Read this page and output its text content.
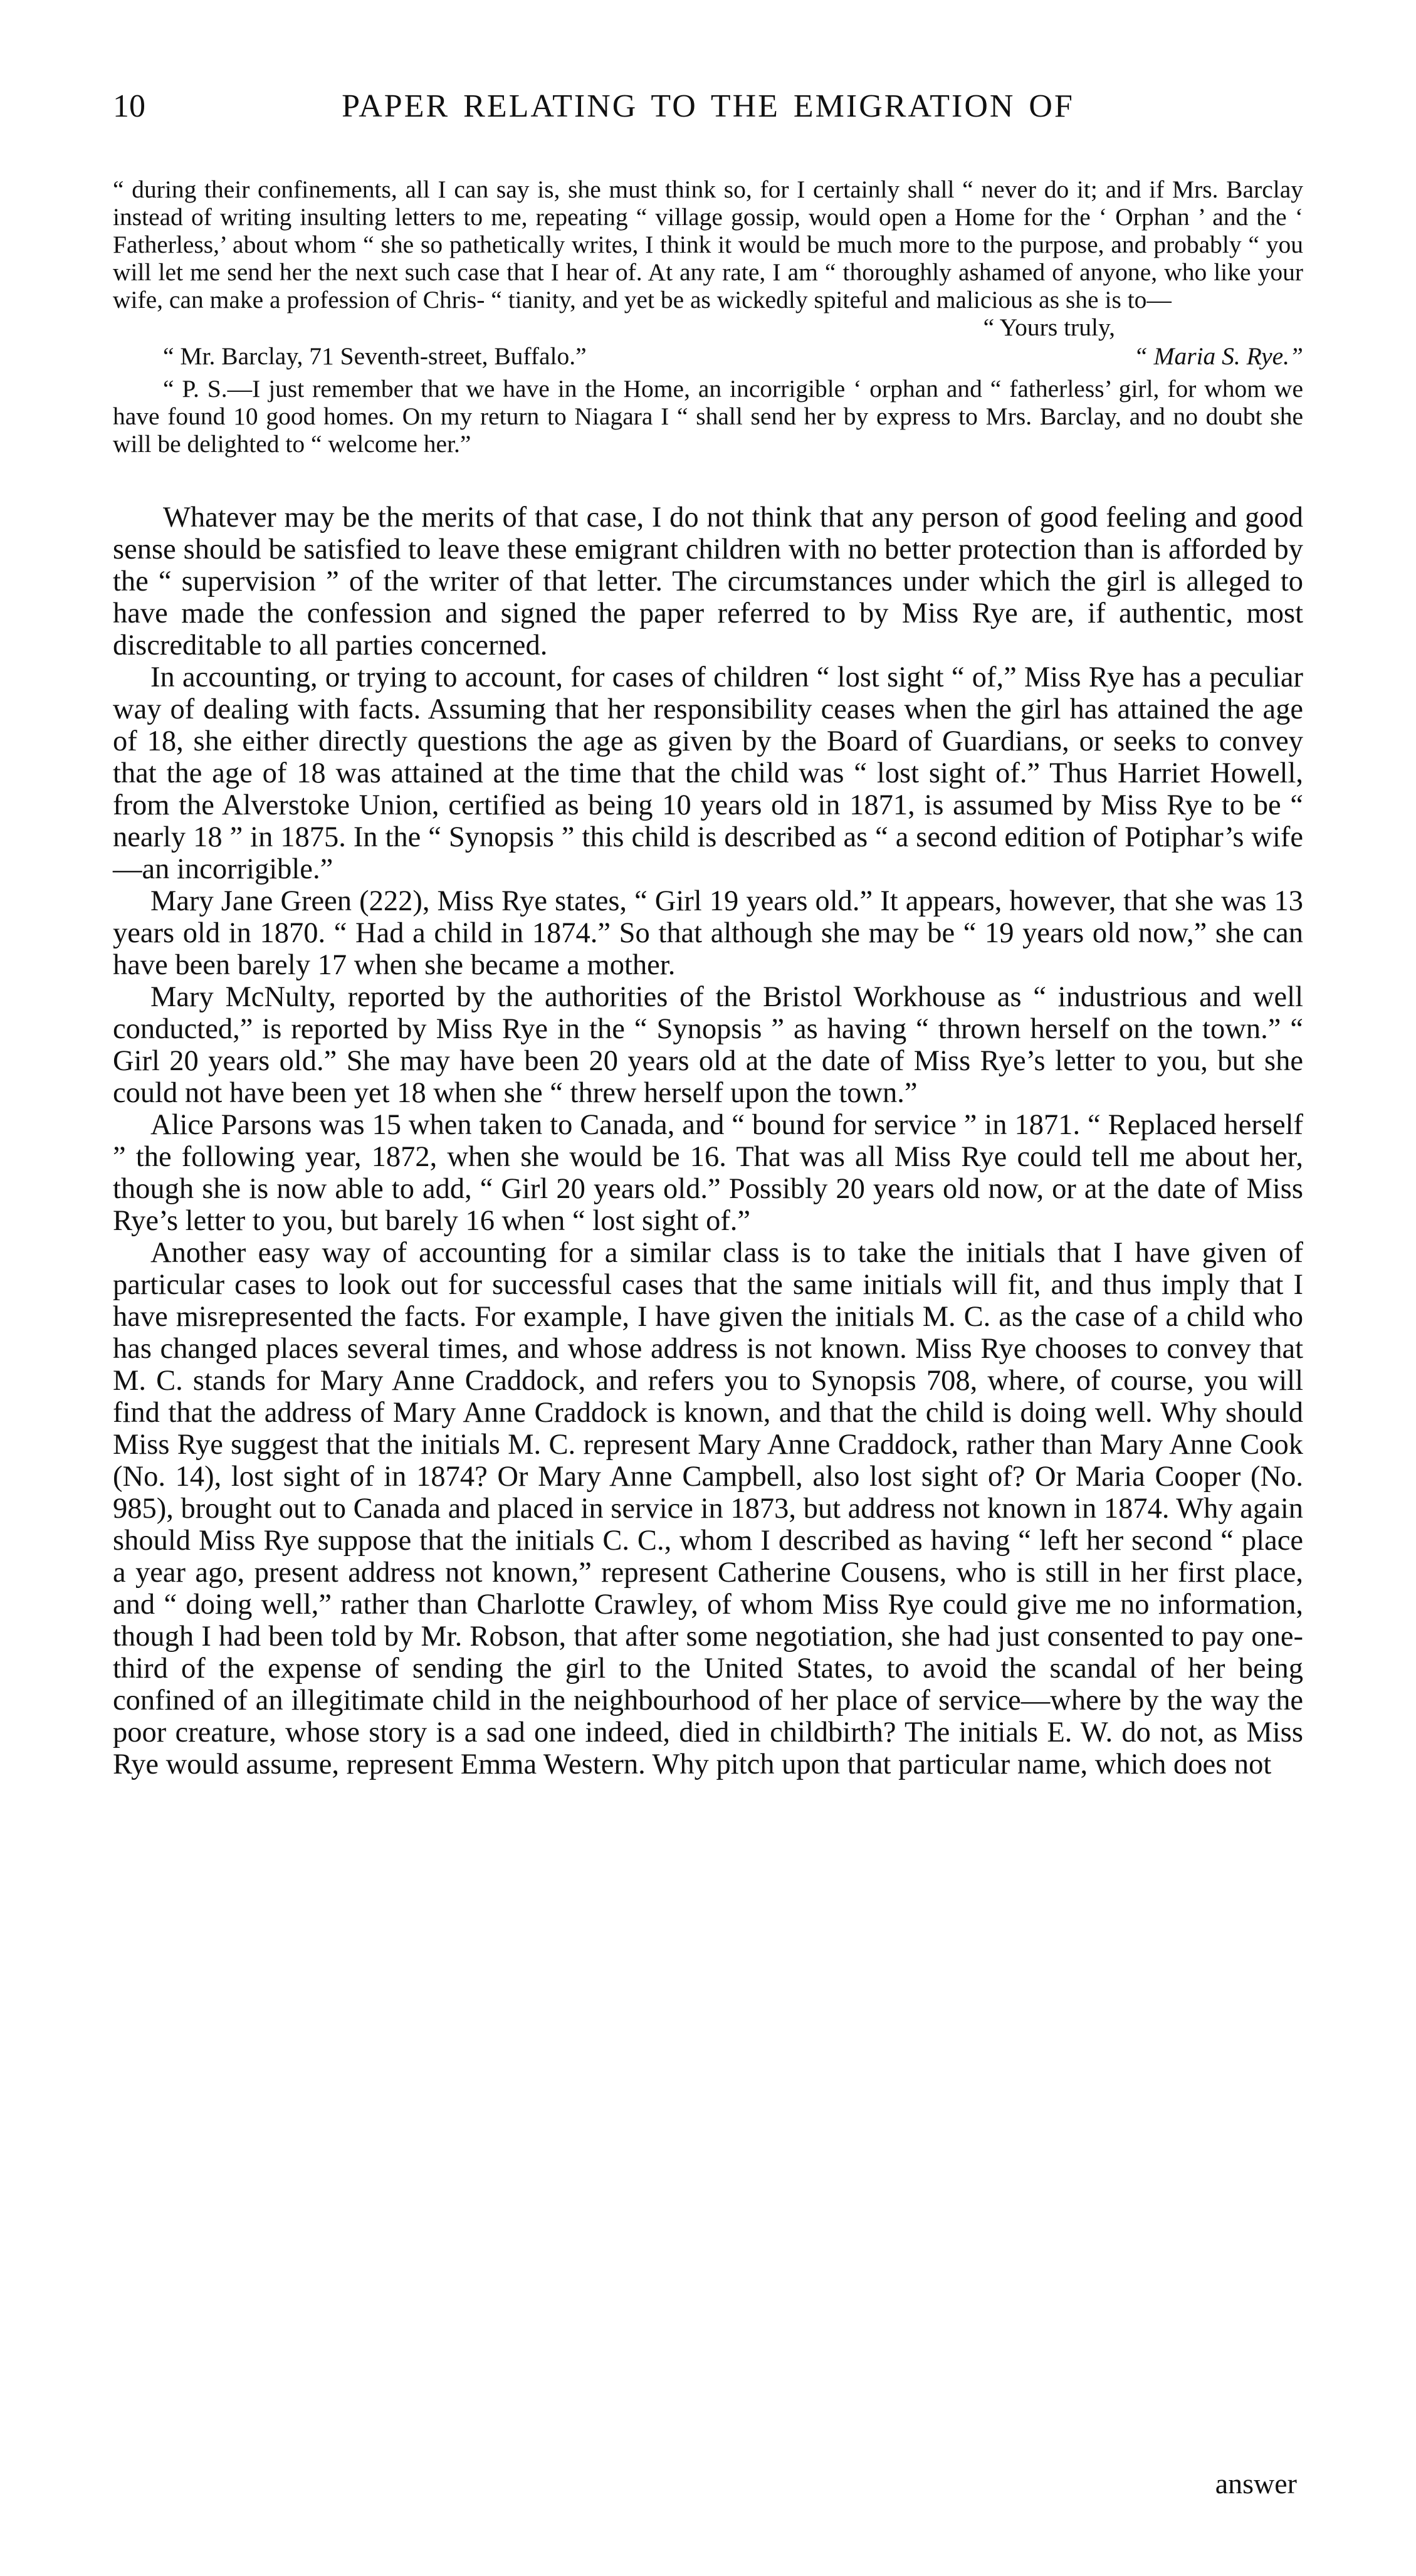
10	PAPER RELATING TO THE EMIGRATION OF

“ during their confinements, all I can say is, she must think so, for I certainly shall “ never do it; and if Mrs. Barclay instead of writing insulting letters to me, repeating “ village gossip, would open a Home for the ‘ Orphan ’ and the ‘ Fatherless,’ about whom “ she so pathetically writes, I think it would be much more to the purpose, and probably “ you will let me send her the next such case that I hear of. At any rate, I am “ thoroughly ashamed of anyone, who like your wife, can make a profession of Chris- “ tianity, and yet be as wickedly spiteful and malicious as she is to—

“ Yours truly,
“ Mr. Barclay, 71 Seventh-street, Buffalo.”	“ Maria S. Rye.”

“ P. S.—I just remember that we have in the Home, an incorrigible ‘ orphan and “ fatherless’ girl, for whom we have found 10 good homes. On my return to Niagara I “ shall send her by express to Mrs. Barclay, and no doubt she will be delighted to “ welcome her.”

Whatever may be the merits of that case, I do not think that any person of good feeling and good sense should be satisfied to leave these emigrant children with no better protection than is afforded by the “ supervision ” of the writer of that letter. The circumstances under which the girl is alleged to have made the confession and signed the paper referred to by Miss Rye are, if authentic, most discreditable to all parties concerned.

In accounting, or trying to account, for cases of children “ lost sight “ of,” Miss Rye has a peculiar way of dealing with facts. Assuming that her responsibility ceases when the girl has attained the age of 18, she either directly questions the age as given by the Board of Guardians, or seeks to convey that the age of 18 was attained at the time that the child was “ lost sight of.” Thus Harriet Howell, from the Alverstoke Union, certified as being 10 years old in 1871, is assumed by Miss Rye to be “ nearly 18 ” in 1875. In the “ Synopsis ” this child is described as “ a second edition of Potiphar’s wife—an incorrigible.”

Mary Jane Green (222), Miss Rye states, “ Girl 19 years old.” It appears, however, that she was 13 years old in 1870. “ Had a child in 1874.” So that although she may be “ 19 years old now,” she can have been barely 17 when she became a mother.

Mary McNulty, reported by the authorities of the Bristol Workhouse as “ industrious and well conducted,” is reported by Miss Rye in the “ Synopsis ” as having “ thrown herself on the town.” “ Girl 20 years old.” She may have been 20 years old at the date of Miss Rye’s letter to you, but she could not have been yet 18 when she “ threw herself upon the town.”

Alice Parsons was 15 when taken to Canada, and “ bound for service ” in 1871. “ Replaced herself ” the following year, 1872, when she would be 16. That was all Miss Rye could tell me about her, though she is now able to add, “ Girl 20 years old.” Possibly 20 years old now, or at the date of Miss Rye’s letter to you, but barely 16 when “ lost sight of.”

Another easy way of accounting for a similar class is to take the initials that I have given of particular cases to look out for successful cases that the same initials will fit, and thus imply that I have misrepresented the facts. For example, I have given the initials M. C. as the case of a child who has changed places several times, and whose address is not known. Miss Rye chooses to convey that M. C. stands for Mary Anne Craddock, and refers you to Synopsis 708, where, of course, you will find that the address of Mary Anne Craddock is known, and that the child is doing well. Why should Miss Rye suggest that the initials M. C. represent Mary Anne Craddock, rather than Mary Anne Cook (No. 14), lost sight of in 1874? Or Mary Anne Campbell, also lost sight of? Or Maria Cooper (No. 985), brought out to Canada and placed in service in 1873, but address not known in 1874. Why again should Miss Rye suppose that the initials C. C., whom I described as having “ left her second “ place a year ago, present address not known,” represent Catherine Cousens, who is still in her first place, and “ doing well,” rather than Charlotte Crawley, of whom Miss Rye could give me no information, though I had been told by Mr. Robson, that after some negotiation, she had just consented to pay one-third of the expense of sending the girl to the United States, to avoid the scandal of her being confined of an illegitimate child in the neighbourhood of her place of service—where by the way the poor creature, whose story is a sad one indeed, died in childbirth? The initials E. W. do not, as Miss Rye would assume, represent Emma Western. Why pitch upon that particular name, which does not

answer
